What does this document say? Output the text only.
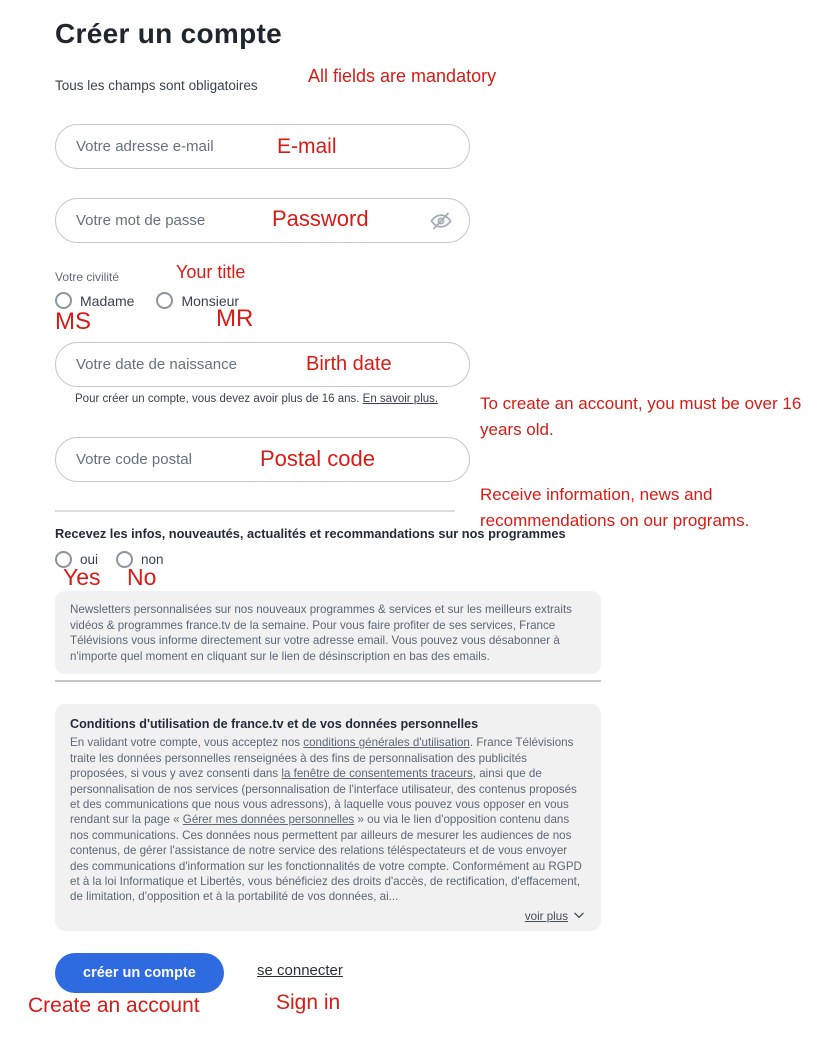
Créer un compte
Tous les champs sont obligatoires	All fields are mandatory
Votre adresse e-mail
E-mail
Votre mot de passe
Password
Votre civilité	Your title
Madame	Monsieur
MS	MR
Votre date de naissance
Birth date
Pour créer un compte, vous devez avoir plus de 16 ans. En savoir plus. To create an account, you must be over 16 years old.
Votre code postal
Postal code
Receive information, news and recommendations on our programs.
Recevez les infos, nouveautés, actualités et recommandations sur nos programmes
oui	non
Yes No
Newsletters personnalisées sur nos nouveaux programmes & services et sur les meilleurs extraits vidéos & programmes france.tv de la semaine. Pour vous faire profiter de ses services, France Télévisions vous informe directement sur votre adresse email. Vous pouvez vous désabonner à n'importe quel moment en cliquant sur le lien de désinscription en bas des emails.
Conditions d'utilisation de france.tv et de vos données personnelles
En validant votre compte, vous acceptez nos conditions générales d'utilisation. France Télévisions traite les données personnelles renseignées à des fins de personnalisation des publicités proposées, si vous y avez consenti dans la fenêtre de consentements traceurs, ainsi que de personnalisation de nos services (personnalisation de l'interface utilisateur, des contenus proposés et des communications que nous vous adressons), à laquelle vous pouvez vous opposer en vous rendant sur la page « Gérer mes données personnelles » ou via le lien d'opposition contenu dans nos communications. Ces données nous permettent par ailleurs de mesurer les audiences de nos contenus, de gérer l'assistance de notre service des relations téléspectateurs et de vous envoyer des communications d'information sur les fonctionnalités de votre compte. Conformément au RGPD et à la loi Informatique et Libertés, vous bénéficiez des droits d'accès, de rectification, d'effacement, de limitation, d'opposition et à la portabilité de vos données, ai...
voir plus
créer un compte	se connecter
Create an account	Sign in
